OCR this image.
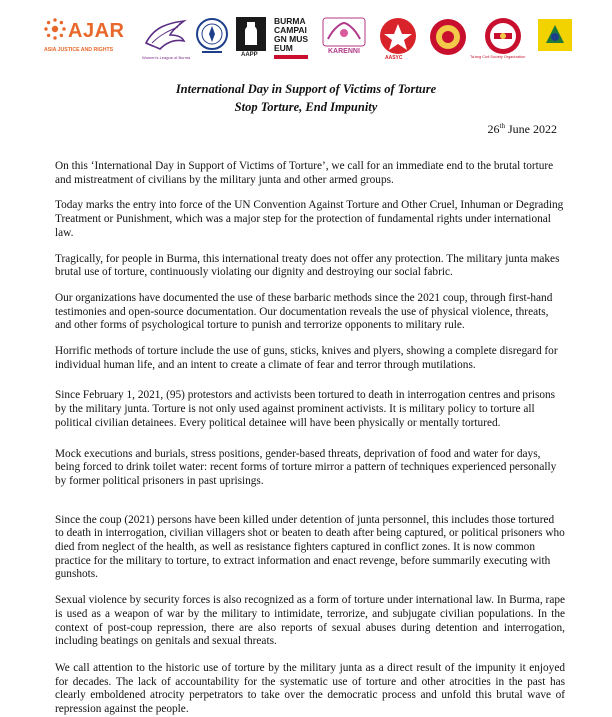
AJAR
ASIA JUSTICE AND RIGHTS
Women's League of Burma	AAPP
BURMA CAMPAIGN MUSEUM	KARENNI
AASYC	Ta'ang Civil Society Organization
International Day in Support of Victims of Torture
Stop Torture, End Impunity
26th June 2022

On this ‘International Day in Support of Victims of Torture’, we call for an immediate end to the brutal torture and mistreatment of civilians by the military junta and other armed groups.

Today marks the entry into force of the UN Convention Against Torture and Other Cruel, Inhuman or Degrading Treatment or Punishment, which was a major step for the protection of fundamental rights under international law.

Tragically, for people in Burma, this international treaty does not offer any protection. The military junta makes brutal use of torture, continuously violating our dignity and destroying our social fabric.

Our organizations have documented the use of these barbaric methods since the 2021 coup, through first-hand testimonies and open-source documentation. Our documentation reveals the use of physical violence, threats, and other forms of psychological torture to punish and terrorize opponents to military rule.

Horrific methods of torture include the use of guns, sticks, knives and plyers, showing a complete disregard for individual human life, and an intent to create a climate of fear and terror through mutilations.

Since February 1, 2021, (95) protestors and activists been tortured to death in interrogation centres and prisons by the military junta. Torture is not only used against prominent activists. It is military policy to torture all political civilian detainees. Every political detainee will have been physically or mentally tortured.

Mock executions and burials, stress positions, gender-based threats, deprivation of food and water for days, being forced to drink toilet water: recent forms of torture mirror a pattern of techniques experienced personally by former political prisoners in past uprisings.

Since the coup (2021) persons have been killed under detention of junta personnel, this includes those tortured to death in interrogation, civilian villagers shot or beaten to death after being captured, or political prisoners who died from neglect of the health, as well as resistance fighters captured in conflict zones. It is now common practice for the military to torture, to extract information and enact revenge, before summarily executing with gunshots.

Sexual violence by security forces is also recognized as a form of torture under international law. In Burma, rape is used as a weapon of war by the military to intimidate, terrorize, and subjugate civilian populations. In the context of post-coup repression, there are also reports of sexual abuses during detention and interrogation, including beatings on genitals and sexual threats.

We call attention to the historic use of torture by the military junta as a direct result of the impunity it enjoyed for decades. The lack of accountability for the systematic use of torture and other atrocities in the past has clearly emboldened atrocity perpetrators to take over the democratic process and unfold this brutal wave of repression against the people.
